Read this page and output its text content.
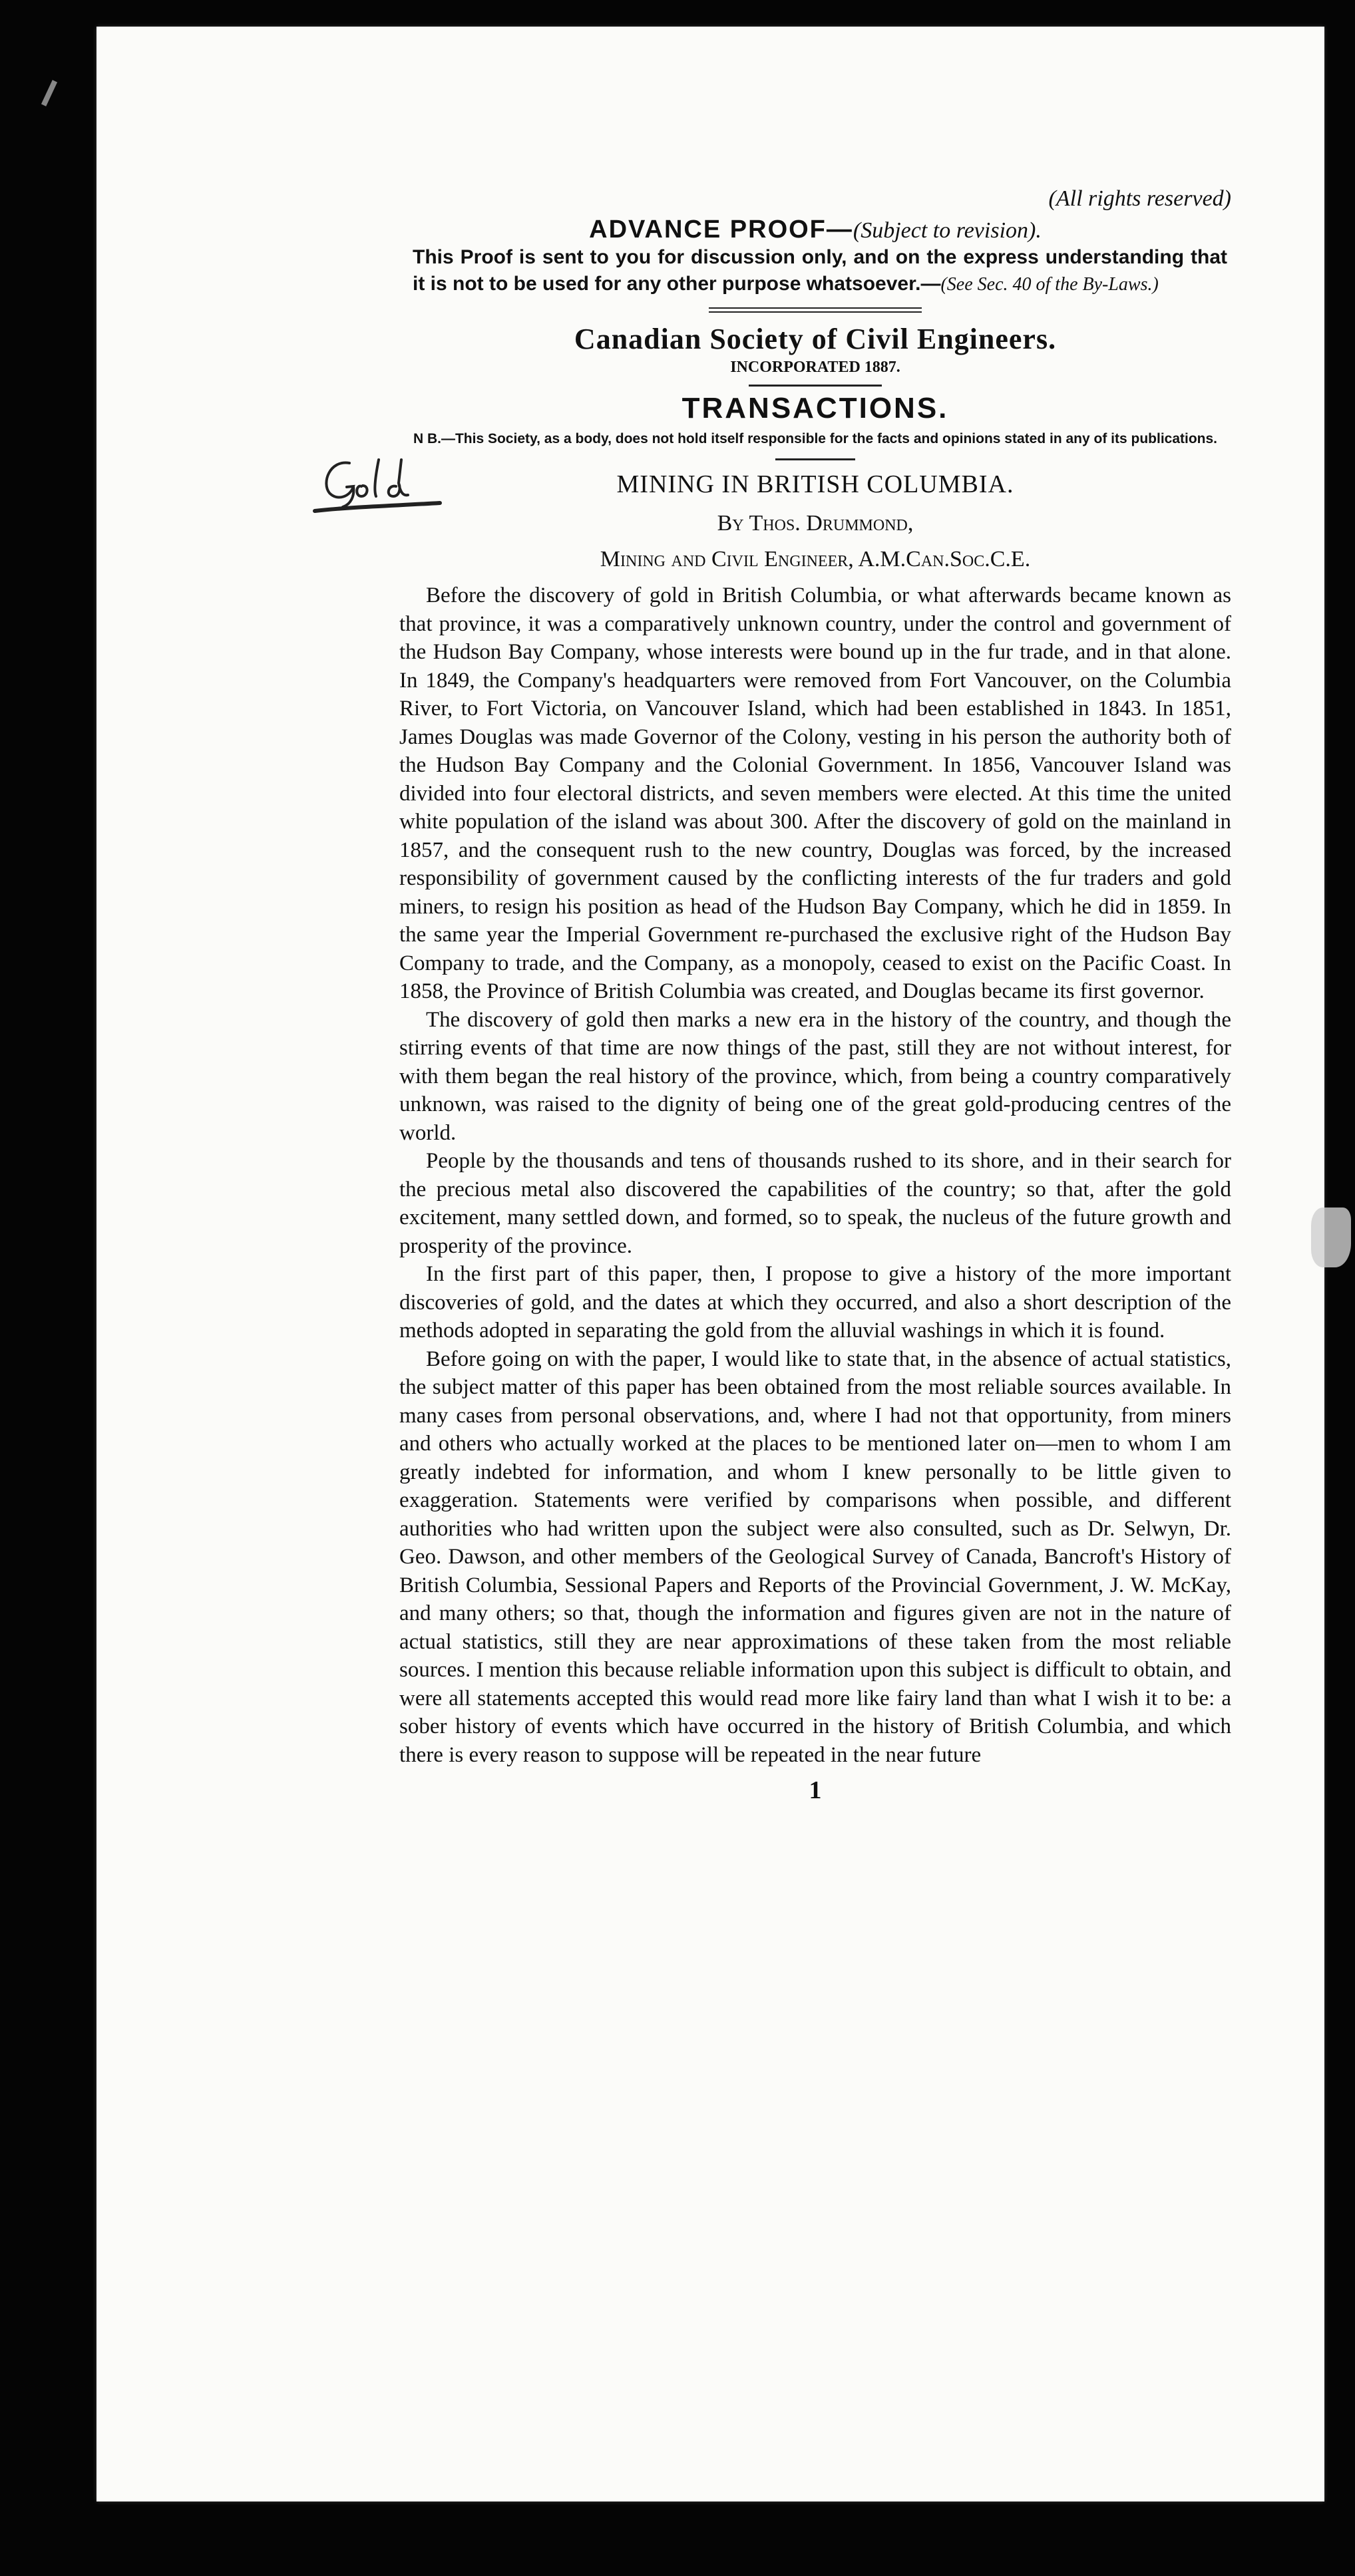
(All rights reserved)
ADVANCE PROOF—(Subject to revision).
This Proof is sent to you for discussion only, and on the express understanding that it is not to be used for any other purpose whatsoever.—(See Sec. 40 of the By-Laws.)
Canadian Society of Civil Engineers.
INCORPORATED 1887.
TRANSACTIONS.
N B.—This Society, as a body, does not hold itself responsible for the facts and opinions stated in any of its publications.
MINING IN BRITISH COLUMBIA.
By Thos. Drummond,
Mining and Civil Engineer, A.M.Can.Soc.C.E.

Before the discovery of gold in British Columbia, or what afterwards became known as that province, it was a comparatively unknown country, under the control and government of the Hudson Bay Company, whose interests were bound up in the fur trade, and in that alone. In 1849, the Company's headquarters were removed from Fort Vancouver, on the Columbia River, to Fort Victoria, on Vancouver Island, which had been established in 1843. In 1851, James Douglas was made Governor of the Colony, vesting in his person the authority both of the Hudson Bay Company and the Colonial Government. In 1856, Vancouver Island was divided into four electoral districts, and seven members were elected. At this time the united white population of the island was about 300. After the discovery of gold on the mainland in 1857, and the consequent rush to the new country, Douglas was forced, by the increased responsibility of government caused by the conflicting interests of the fur traders and gold miners, to resign his position as head of the Hudson Bay Company, which he did in 1859. In the same year the Imperial Government re-purchased the exclusive right of the Hudson Bay Company to trade, and the Company, as a monopoly, ceased to exist on the Pacific Coast. In 1858, the Province of British Columbia was created, and Douglas became its first governor.

The discovery of gold then marks a new era in the history of the country, and though the stirring events of that time are now things of the past, still they are not without interest, for with them began the real history of the province, which, from being a country comparatively unknown, was raised to the dignity of being one of the great gold-producing centres of the world.

People by the thousands and tens of thousands rushed to its shore, and in their search for the precious metal also discovered the capabilities of the country; so that, after the gold excitement, many settled down, and formed, so to speak, the nucleus of the future growth and prosperity of the province.

In the first part of this paper, then, I propose to give a history of the more important discoveries of gold, and the dates at which they occurred, and also a short description of the methods adopted in separating the gold from the alluvial washings in which it is found.

Before going on with the paper, I would like to state that, in the absence of actual statistics, the subject matter of this paper has been obtained from the most reliable sources available. In many cases from personal observations, and, where I had not that opportunity, from miners and others who actually worked at the places to be mentioned later on—men to whom I am greatly indebted for information, and whom I knew personally to be little given to exaggeration. Statements were verified by comparisons when possible, and different authorities who had written upon the subject were also consulted, such as Dr. Selwyn, Dr. Geo. Dawson, and other members of the Geological Survey of Canada, Bancroft's History of British Columbia, Sessional Papers and Reports of the Provincial Government, J. W. McKay, and many others; so that, though the information and figures given are not in the nature of actual statistics, still they are near approximations of these taken from the most reliable sources. I mention this because reliable information upon this subject is difficult to obtain, and were all statements accepted this would read more like fairy land than what I wish it to be: a sober history of events which have occurred in the history of British Columbia, and which there is every reason to suppose will be repeated in the near future

1
